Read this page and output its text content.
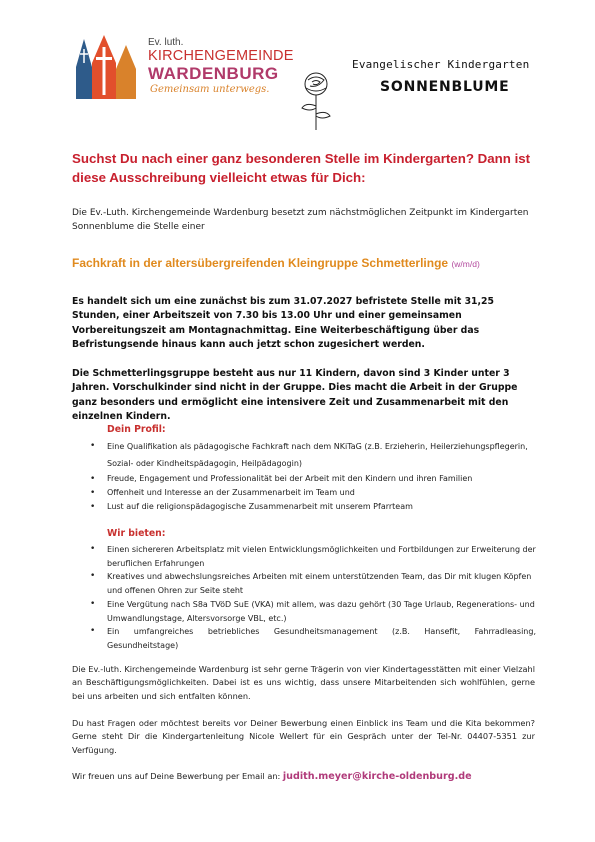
Ev. luth.
KIRCHENGEMEINDE
WARDENBURG
Gemeinsam unterwegs.
Evangelischer Kindergarten
SONNENBLUME
Suchst Du nach einer ganz besonderen Stelle im Kindergarten? Dann ist diese Ausschreibung vielleicht etwas für Dich:
Die Ev.-Luth. Kirchengemeinde Wardenburg besetzt zum nächstmöglichen Zeitpunkt im Kindergarten Sonnenblume die Stelle einer
Fachkraft in der altersübergreifenden Kleingruppe Schmetterlinge (w/m/d)
Es handelt sich um eine zunächst bis zum 31.07.2027 befristete Stelle mit 31,25 Stunden, einer Arbeitszeit von 7.30 bis 13.00 Uhr und einer gemeinsamen Vorbereitungszeit am Montagnachmittag. Eine Weiterbeschäftigung über das Befristungsende hinaus kann auch jetzt schon zugesichert werden.
Die Schmetterlingsgruppe besteht aus nur 11 Kindern, davon sind 3 Kinder unter 3 Jahren. Vorschulkinder sind nicht in der Gruppe. Dies macht die Arbeit in der Gruppe ganz besonders und ermöglicht eine intensivere Zeit und Zusammenarbeit mit den einzelnen Kindern.
Dein Profil:
• Eine Qualifikation als pädagogische Fachkraft nach dem NKiTaG (z.B. Erzieherin, Heilerziehungspflegerin, Sozial- oder Kindheitspädagogin, Heilpädagogin)
• Freude, Engagement und Professionalität bei der Arbeit mit den Kindern und ihren Familien
• Offenheit und Interesse an der Zusammenarbeit im Team und
• Lust auf die religionspädagogische Zusammenarbeit mit unserem Pfarrteam
Wir bieten:
• Einen sichereren Arbeitsplatz mit vielen Entwicklungsmöglichkeiten und Fortbildungen zur Erweiterung der beruflichen Erfahrungen
• Kreatives und abwechslungsreiches Arbeiten mit einem unterstützenden Team, das Dir mit klugen Köpfen und offenen Ohren zur Seite steht
• Eine Vergütung nach S8a TVöD SuE (VKA) mit allem, was dazu gehört (30 Tage Urlaub, Regenerations- und Umwandlungstage, Altersvorsorge VBL, etc.)
• Ein umfangreiches betriebliches Gesundheitsmanagement (z.B. Hansefit, Fahrradleasing, Gesundheitstage)
Die Ev.-luth. Kirchengemeinde Wardenburg ist sehr gerne Trägerin von vier Kindertagesstätten mit einer Vielzahl an Beschäftigungsmöglichkeiten. Dabei ist es uns wichtig, dass unsere Mitarbeitenden sich wohlfühlen, gerne bei uns arbeiten und sich entfalten können.
Du hast Fragen oder möchtest bereits vor Deiner Bewerbung einen Einblick ins Team und die Kita bekommen? Gerne steht Dir die Kindergartenleitung Nicole Wellert für ein Gespräch unter der Tel-Nr. 04407-5351 zur Verfügung.
Wir freuen uns auf Deine Bewerbung per Email an: judith.meyer@kirche-oldenburg.de
